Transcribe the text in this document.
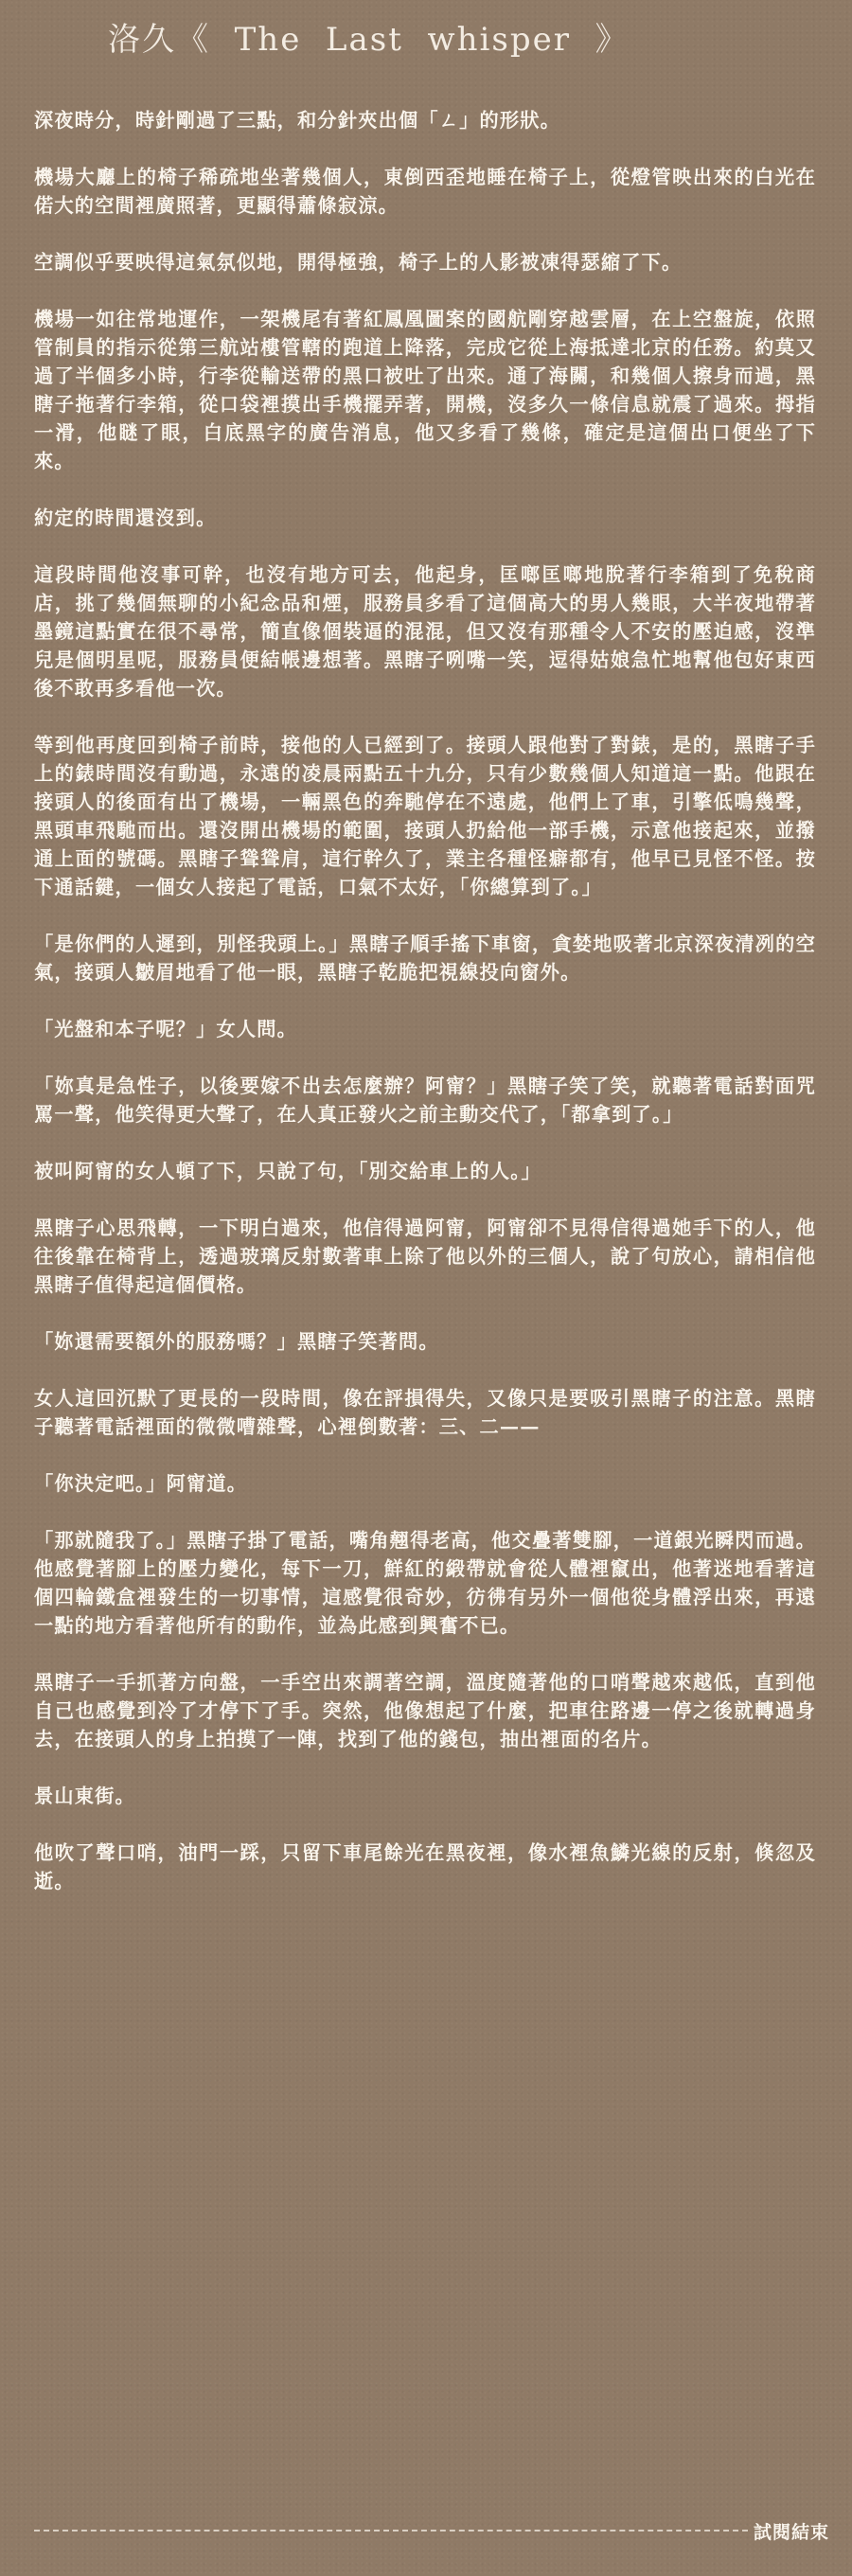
洛久《  The  Last  whisper  》

深夜時分，時針剛過了三點，和分針夾出個「ㄥ」的形狀。

機場大廳上的椅子稀疏地坐著幾個人，東倒西歪地睡在椅子上，從燈管映出來的白光在偌大的空間裡廣照著，更顯得蕭條寂涼。

空調似乎要映得這氣氛似地，開得極強，椅子上的人影被凍得瑟縮了下。

機場一如往常地運作，一架機尾有著紅鳳凰圖案的國航剛穿越雲層，在上空盤旋，依照管制員的指示從第三航站樓管轄的跑道上降落，完成它從上海抵達北京的任務。約莫又過了半個多小時，行李從輸送帶的黑口被吐了出來。通了海關，和幾個人擦身而過，黑瞎子拖著行李箱，從口袋裡摸出手機擺弄著，開機，沒多久一條信息就震了過來。拇指一滑，他瞇了眼，白底黑字的廣告消息，他又多看了幾條，確定是這個出口便坐了下來。

約定的時間還沒到。

這段時間他沒事可幹，也沒有地方可去，他起身，匡啷匡啷地脫著行李箱到了免稅商店，挑了幾個無聊的小紀念品和煙，服務員多看了這個高大的男人幾眼，大半夜地帶著墨鏡這點實在很不尋常，簡直像個裝逼的混混，但又沒有那種令人不安的壓迫感，沒準兒是個明星呢，服務員便結帳邊想著。黑瞎子咧嘴一笑，逗得姑娘急忙地幫他包好東西後不敢再多看他一次。

等到他再度回到椅子前時，接他的人已經到了。接頭人跟他對了對錶，是的，黑瞎子手上的錶時間沒有動過，永遠的凌晨兩點五十九分，只有少數幾個人知道這一點。他跟在接頭人的後面有出了機場，一輛黑色的奔馳停在不遠處，他們上了車，引擎低鳴幾聲，黑頭車飛馳而出。還沒開出機場的範圍，接頭人扔給他一部手機，示意他接起來，並撥通上面的號碼。黑瞎子聳聳肩，這行幹久了，業主各種怪癖都有，他早已見怪不怪。按下通話鍵，一個女人接起了電話，口氣不太好，「你總算到了。」

「是你們的人遲到，別怪我頭上。」黑瞎子順手搖下車窗，貪婪地吸著北京深夜清冽的空氣，接頭人皺眉地看了他一眼，黑瞎子乾脆把視線投向窗外。

「光盤和本子呢？」女人問。

「妳真是急性子，以後要嫁不出去怎麼辦？阿甯？」黑瞎子笑了笑，就聽著電話對面咒罵一聲，他笑得更大聲了，在人真正發火之前主動交代了，「都拿到了。」

被叫阿甯的女人頓了下，只說了句，「別交給車上的人。」

黑瞎子心思飛轉，一下明白過來，他信得過阿甯，阿甯卻不見得信得過她手下的人，他往後靠在椅背上，透過玻璃反射數著車上除了他以外的三個人，說了句放心，請相信他黑瞎子值得起這個價格。

「妳還需要額外的服務嗎？」黑瞎子笑著問。

女人這回沉默了更長的一段時間，像在評損得失，又像只是要吸引黑瞎子的注意。黑瞎子聽著電話裡面的微微嘈雜聲，心裡倒數著：三、二——

「你決定吧。」阿甯道。

「那就隨我了。」黑瞎子掛了電話，嘴角翹得老高，他交疊著雙腳，一道銀光瞬閃而過。他感覺著腳上的壓力變化，每下一刀，鮮紅的緞帶就會從人體裡竄出，他著迷地看著這個四輪鐵盒裡發生的一切事情，這感覺很奇妙，彷彿有另外一個他從身體浮出來，再遠一點的地方看著他所有的動作，並為此感到興奮不已。

黑瞎子一手抓著方向盤，一手空出來調著空調，溫度隨著他的口哨聲越來越低，直到他自己也感覺到冷了才停下了手。突然，他像想起了什麼，把車往路邊一停之後就轉過身去，在接頭人的身上拍摸了一陣，找到了他的錢包，抽出裡面的名片。

景山東街。

他吹了聲口哨，油門一踩，只留下車尾餘光在黑夜裡，像水裡魚鱗光線的反射，倏忽及逝。

試閱結束
